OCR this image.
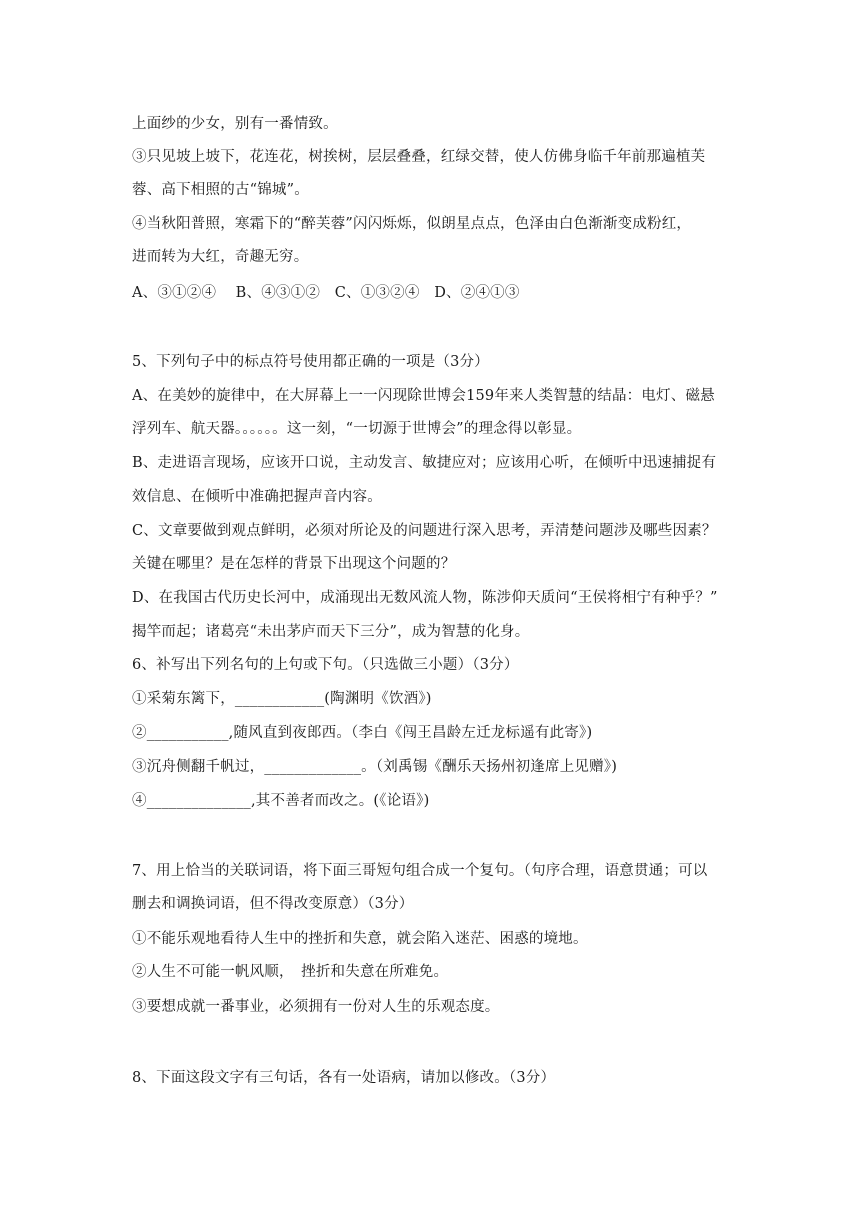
上面纱的少女，别有一番情致。
③只见坡上坡下，花连花，树挨树，层层叠叠，红绿交替，使人仿佛身临千年前那遍植芙
蓉、高下相照的古“锦城”。
④当秋阳普照，寒霜下的“醉芙蓉”闪闪烁烁，似朗星点点，色泽由白色渐渐变成粉红，
进而转为大红，奇趣无穷。
A、③①②④　 B、④③①②　C、①③②④　D、②④①③
5、下列句子中的标点符号使用都正确的一项是（3分）
A、在美妙的旋律中，在大屏幕上一一闪现除世博会159年来人类智慧的结晶：电灯、磁悬
浮列车、航天器。。。。。。这一刻，“一切源于世博会”的理念得以彰显。
B、走进语言现场，应该开口说，主动发言、敏捷应对；应该用心听，在倾听中迅速捕捉有
效信息、在倾听中准确把握声音内容。
C、文章要做到观点鲜明，必须对所论及的问题进行深入思考，弄清楚问题涉及哪些因素？
关键在哪里？是在怎样的背景下出现这个问题的？
D、在我国古代历史长河中，成涌现出无数风流人物，陈涉仰天质问“王侯将相宁有种乎？”
揭竿而起；诸葛亮“未出茅庐而天下三分”，成为智慧的化身。
6、补写出下列名句的上句或下句。（只选做三小题）（3分）
①采菊东篱下，____________(陶渊明《饮酒》)
②___________,随风直到夜郎西。（李白《闯王昌龄左迁龙标遥有此寄》)
③沉舟侧翻千帆过，_____________。（刘禹锡《酬乐天扬州初逢席上见赠》)
④______________,其不善者而改之。(《论语》)
7、用上恰当的关联词语，将下面三哥短句组合成一个复句。（句序合理，语意贯通；可以
删去和调换词语，但不得改变原意）（3分）
①不能乐观地看待人生中的挫折和失意，就会陷入迷茫、困惑的境地。
②人生不可能一帆风顺，　挫折和失意在所难免。
③要想成就一番事业，必须拥有一份对人生的乐观态度。
8、下面这段文字有三句话，各有一处语病，请加以修改。（3分）
